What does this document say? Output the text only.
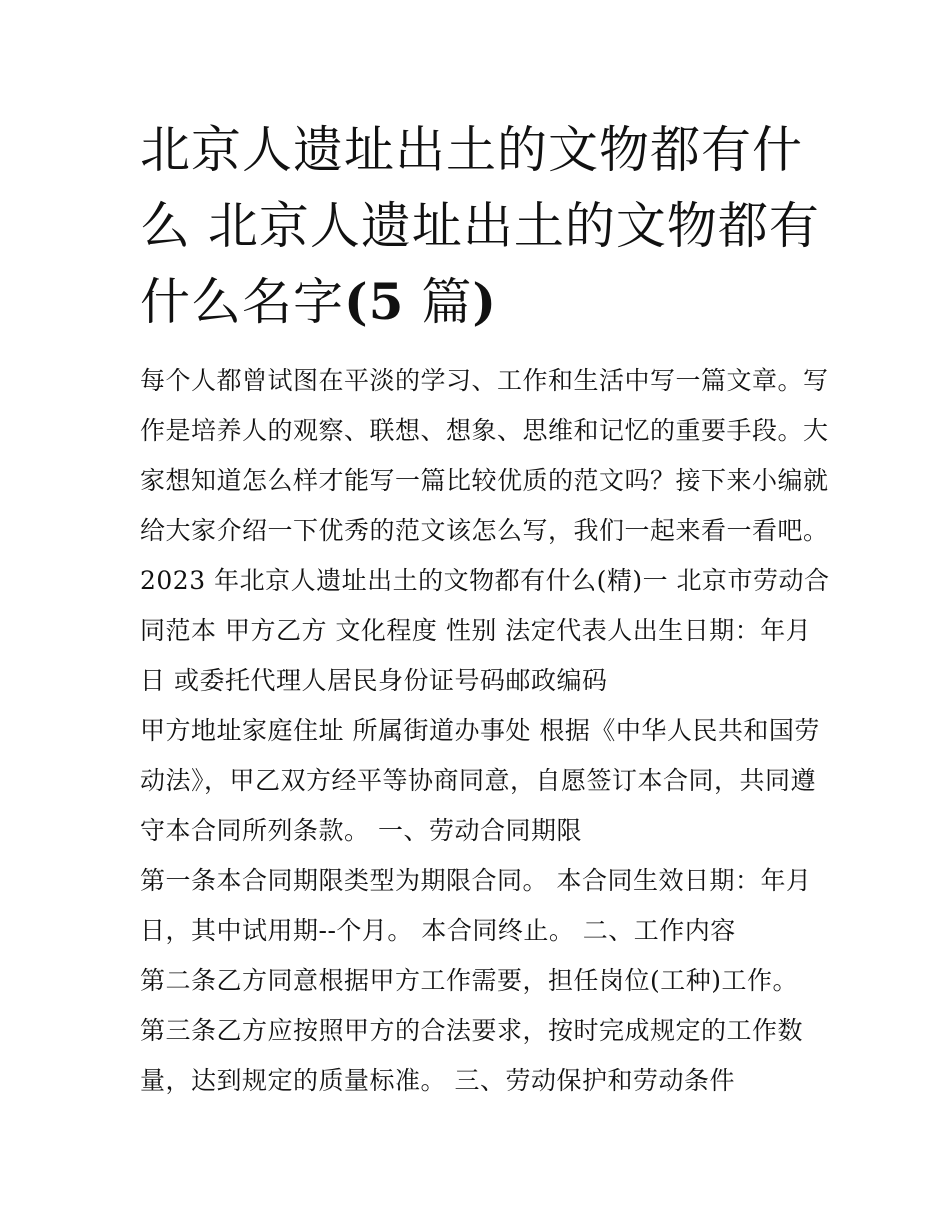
北京人遗址出土的文物都有什
么 北京人遗址出土的文物都有
什么名字(5 篇)
每个人都曾试图在平淡的学习、工作和生活中写一篇文章。写
作是培养人的观察、联想、想象、思维和记忆的重要手段。大
家想知道怎么样才能写一篇比较优质的范文吗？接下来小编就
给大家介绍一下优秀的范文该怎么写，我们一起来看一看吧。
2023 年北京人遗址出土的文物都有什么(精)一 北京市劳动合
同范本 甲方乙方 文化程度 性别 法定代表人出生日期：年月
日 或委托代理人居民身份证号码邮政编码
甲方地址家庭住址 所属街道办事处 根据《中华人民共和国劳
动法》，甲乙双方经平等协商同意，自愿签订本合同，共同遵
守本合同所列条款。 一、劳动合同期限
第一条本合同期限类型为期限合同。 本合同生效日期：年月
日，其中试用期--个月。 本合同终止。 二、工作内容
第二条乙方同意根据甲方工作需要，担任岗位(工种)工作。
第三条乙方应按照甲方的合法要求，按时完成规定的工作数
量，达到规定的质量标准。 三、劳动保护和劳动条件
